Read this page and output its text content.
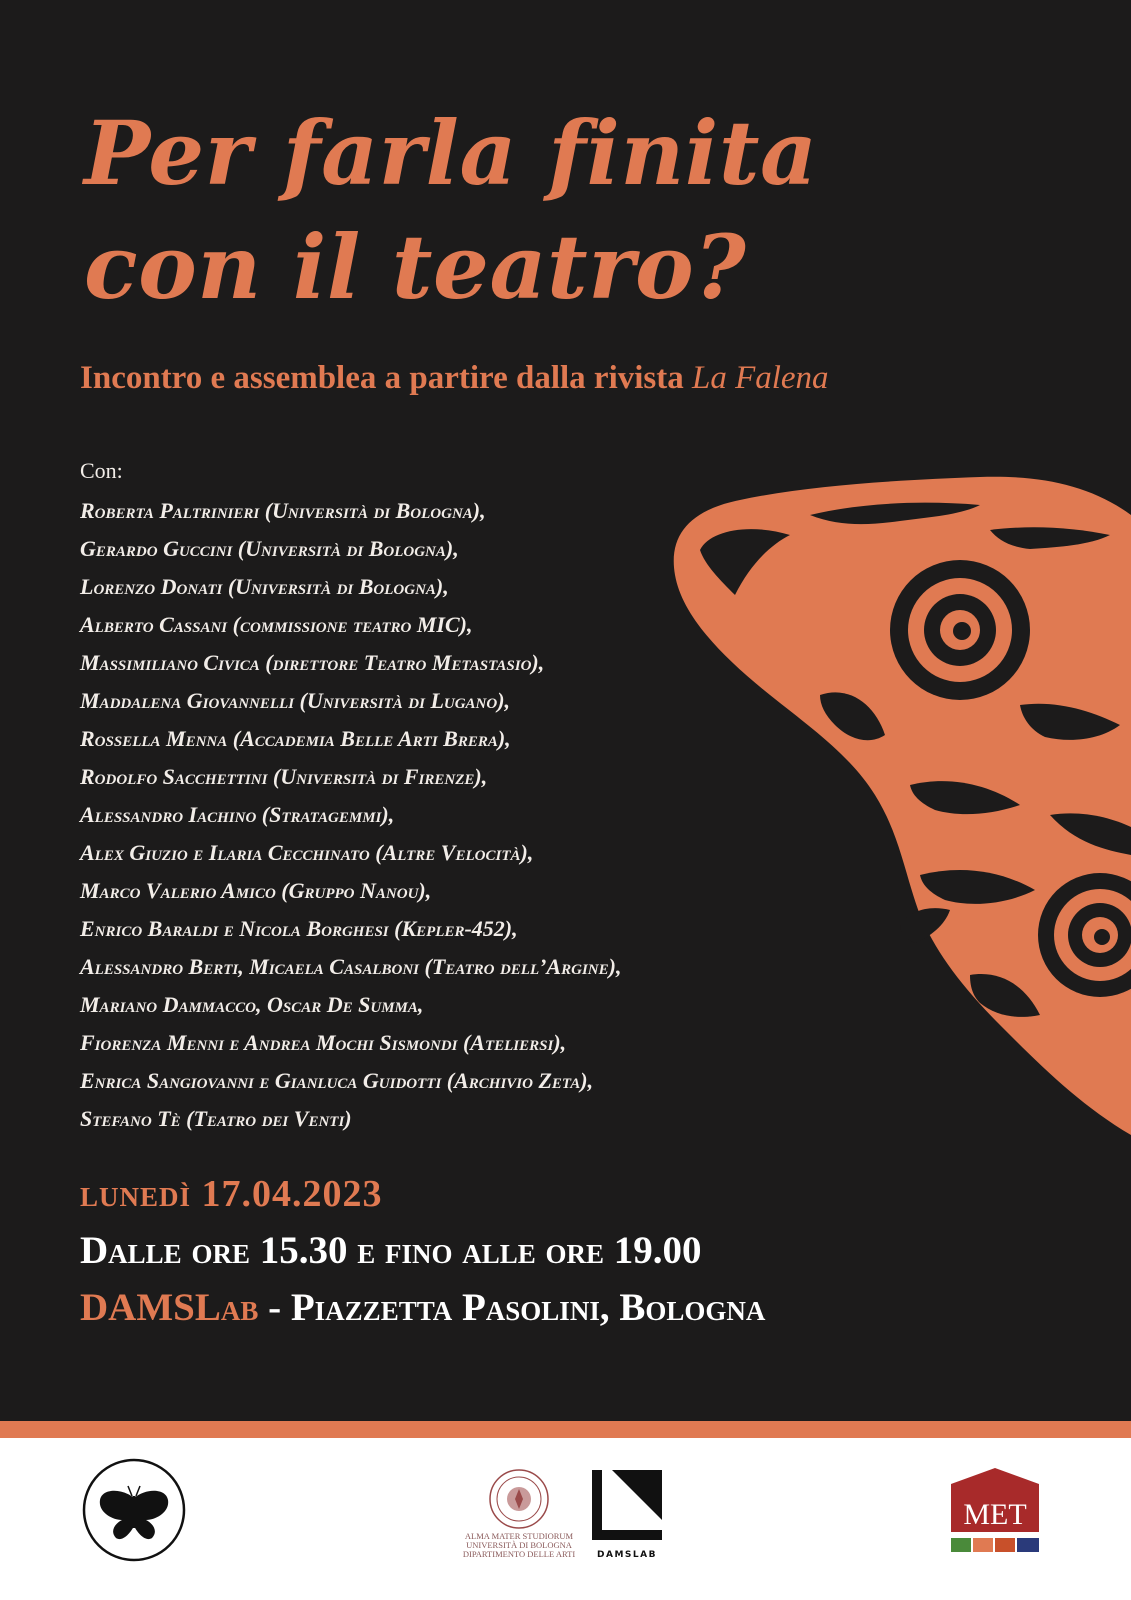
Per farla finita
con il teatro?
Incontro e assemblea a partire dalla rivista La Falena
Con:
Roberta Paltrinieri (Università di Bologna),
Gerardo Guccini (Università di Bologna),
Lorenzo Donati (Università di Bologna),
Alberto Cassani (commissione teatro MIC),
Massimiliano Civica (direttore Teatro Metastasio),
Maddalena Giovannelli (Università di Lugano),
Rossella Menna (Accademia Belle Arti Brera),
Rodolfo Sacchettini (Università di Firenze),
Alessandro Iachino (Stratagemmi),
Alex Giuzio e Ilaria Cecchinato (Altre Velocità),
Marco Valerio Amico (Gruppo Nanou),
Enrico Baraldi e Nicola Borghesi (Kepler-452),
Alessandro Berti, Micaela Casalboni (Teatro dell’Argine),
Mariano Dammacco, Oscar De Summa,
Fiorenza Menni e Andrea Mochi Sismondi (Ateliersi),
Enrica Sangiovanni e Gianluca Guidotti (Archivio Zeta),
Stefano Tè (Teatro dei Venti)
lunedì 17.04.2023
Dalle ore 15.30 e fino alle ore 19.00
DAMSLab - Piazzetta Pasolini, Bologna
ALMA MATER STUDIORUM
UNIVERSITÀ DI BOLOGNA
DIPARTIMENTO DELLE ARTI	DAMSLAB
MET
